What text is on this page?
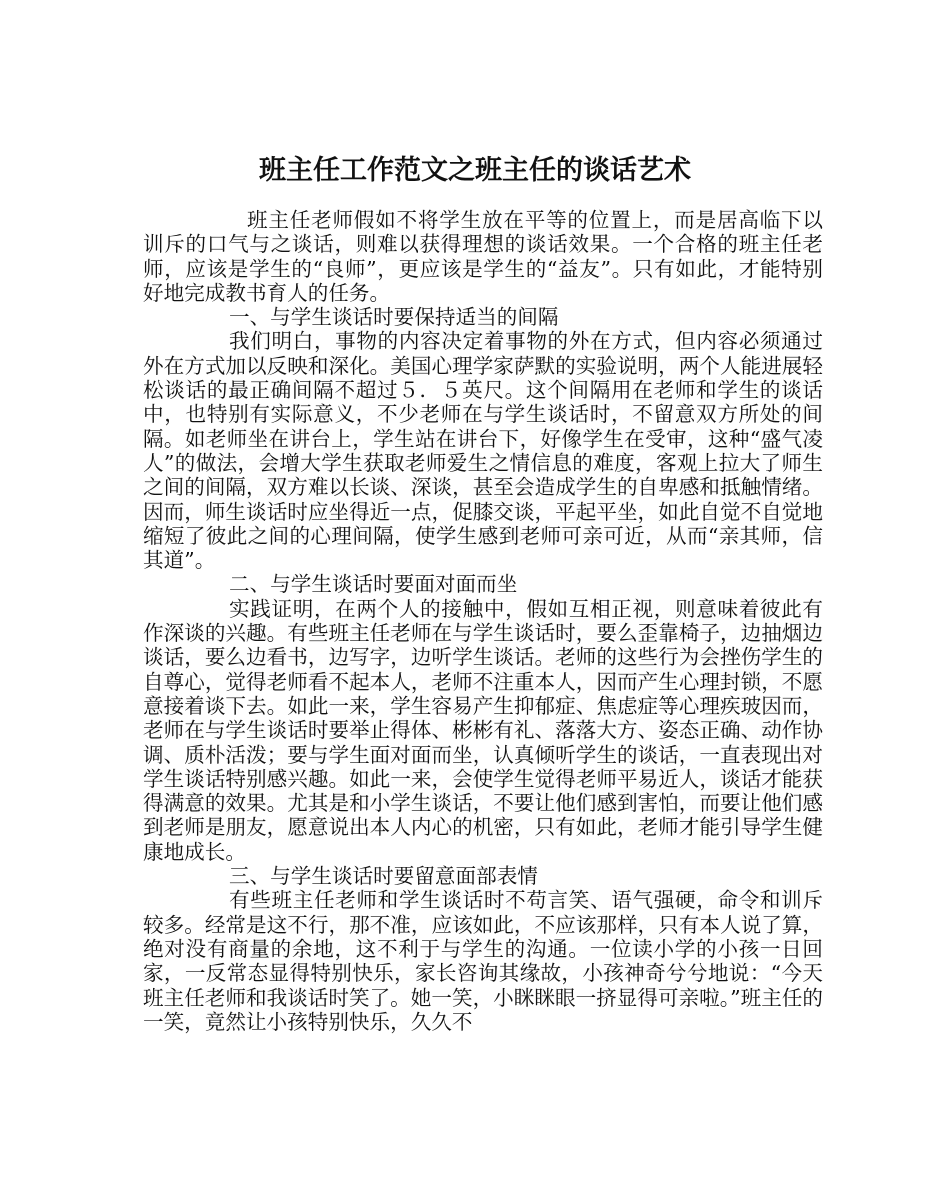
班主任工作范文之班主任的谈话艺术

班主任老师假如不将学生放在平等的位置上，而是居高临下以训斥的口气与之谈话，则难以获得理想的谈话效果。一个合格的班主任老师，应该是学生的“良师”，更应该是学生的“益友”。只有如此，才能特别好地完成教书育人的任务。

一、与学生谈话时要保持适当的间隔

我们明白，事物的内容决定着事物的外在方式，但内容必须通过外在方式加以反映和深化。美国心理学家萨默的实验说明，两个人能进展轻松谈话的最正确间隔不超过５．５英尺。这个间隔用在老师和学生的谈话中，也特别有实际意义，不少老师在与学生谈话时，不留意双方所处的间隔。如老师坐在讲台上，学生站在讲台下，好像学生在受审，这种“盛气凌人”的做法，会增大学生获取老师爱生之情信息的难度，客观上拉大了师生之间的间隔，双方难以长谈、深谈，甚至会造成学生的自卑感和抵触情绪。因而，师生谈话时应坐得近一点，促膝交谈，平起平坐，如此自觉不自觉地缩短了彼此之间的心理间隔，使学生感到老师可亲可近，从而“亲其师，信其道”。

二、与学生谈话时要面对面而坐

实践证明，在两个人的接触中，假如互相正视，则意味着彼此有作深谈的兴趣。有些班主任老师在与学生谈话时，要么歪靠椅子，边抽烟边谈话，要么边看书，边写字，边听学生谈话。老师的这些行为会挫伤学生的自尊心，觉得老师看不起本人，老师不注重本人，因而产生心理封锁，不愿意接着谈下去。如此一来，学生容易产生抑郁症、焦虑症等心理疾玻因而，老师在与学生谈话时要举止得体、彬彬有礼、落落大方、姿态正确、动作协调、质朴活泼；要与学生面对面而坐，认真倾听学生的谈话，一直表现出对学生谈话特别感兴趣。如此一来，会使学生觉得老师平易近人，谈话才能获得满意的效果。尤其是和小学生谈话，不要让他们感到害怕，而要让他们感到老师是朋友，愿意说出本人内心的机密，只有如此，老师才能引导学生健康地成长。

三、与学生谈话时要留意面部表情

有些班主任老师和学生谈话时不苟言笑、语气强硬，命令和训斥较多。经常是这不行，那不准，应该如此，不应该那样，只有本人说了算，绝对没有商量的余地，这不利于与学生的沟通。一位读小学的小孩一日回家，一反常态显得特别快乐，家长咨询其缘故，小孩神奇兮兮地说：“今天班主任老师和我谈话时笑了。她一笑，小眯眯眼一挤显得可亲啦。”班主任的一笑，竟然让小孩特别快乐，久久不
